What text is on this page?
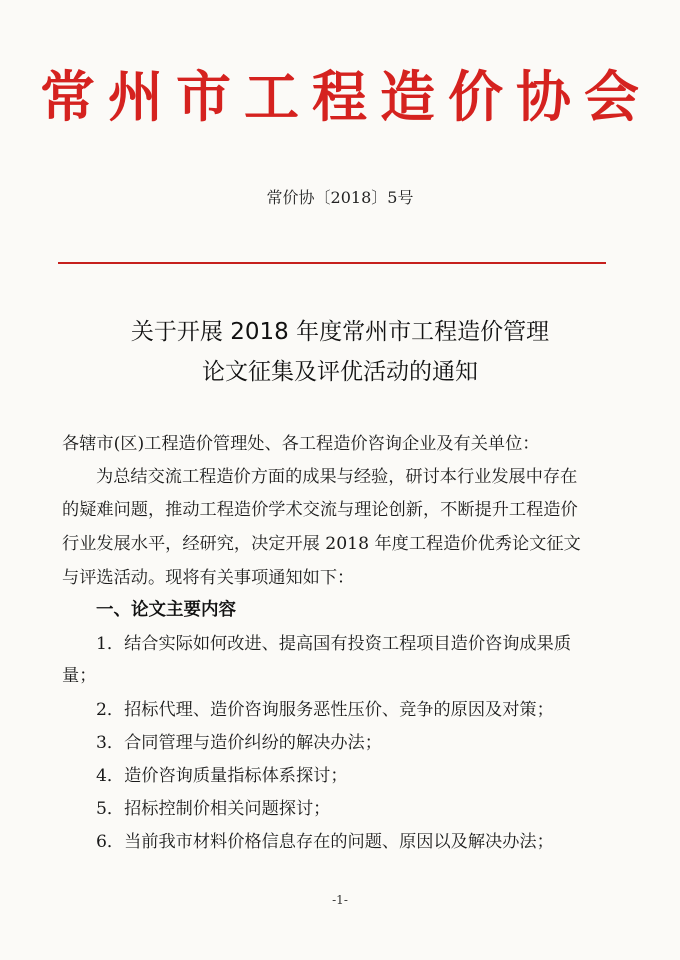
常州市工程造价协会
常价协〔2018〕5号
关于开展 2018 年度常州市工程造价管理
论文征集及评优活动的通知
各辖市(区)工程造价管理处、各工程造价咨询企业及有关单位：
为总结交流工程造价方面的成果与经验，研讨本行业发展中存在
的疑难问题，推动工程造价学术交流与理论创新，不断提升工程造价
行业发展水平，经研究，决定开展 2018 年度工程造价优秀论文征文
与评选活动。现将有关事项通知如下：
一、论文主要内容
1．结合实际如何改进、提高国有投资工程项目造价咨询成果质
量；
2．招标代理、造价咨询服务恶性压价、竞争的原因及对策；
3．合同管理与造价纠纷的解决办法；
4．造价咨询质量指标体系探讨；
5．招标控制价相关问题探讨；
6．当前我市材料价格信息存在的问题、原因以及解决办法；
-1-
